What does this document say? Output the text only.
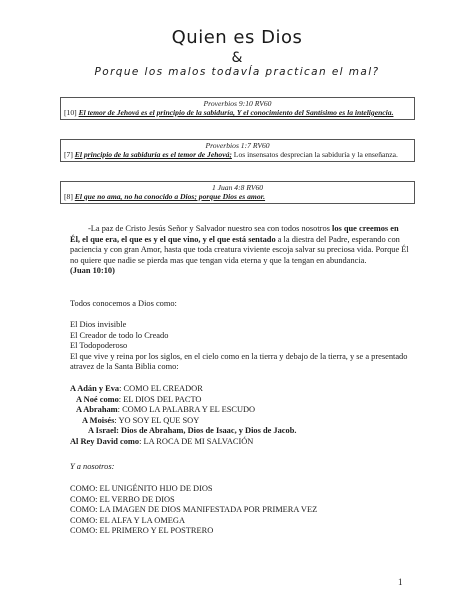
Quien es Dios
&
Porque los malos todavÍa practican el mal?
Proverbios 9:10 RV60
[10] El temor de Jehová es el principio de la sabiduría, Y el conocimiento del Santísimo es la inteligencia.
Proverbios 1:7 RV60
[7] El principio de la sabiduría es el temor de Jehová; Los insensatos desprecian la sabiduría y la enseñanza.
1 Juan 4:8 RV60
[8] El que no ama, no ha conocido a Dios; porque Dios es amor.

-La paz de Cristo Jesús Señor y Salvador nuestro sea con todos nosotros los que creemos en Él, el que era, el que es y el que vino, y el que está sentado a la diestra del Padre, esperando con paciencia y con gran Amor, hasta que toda creatura viviente escoja salvar su preciosa vida. Porque Él no quiere que nadie se pierda mas que tengan vida eterna y que la tengan en abundancia.

(Juan 10:10)

Todos conocemos a Dios como:

El Dios invisible

El Creador de todo lo Creado

El Todopoderoso

El que vive y reina por los siglos, en el cielo como en la tierra y debajo de la tierra, y se a presentado atravez de la Santa Biblia como:

A Adán y Eva: COMO EL CREADOR

A Noé como: EL DIOS DEL PACTO

A Abraham: COMO LA PALABRA Y EL ESCUDO

A Moisés: YO SOY EL QUE SOY

A Israel: Dios de Abraham, Dios de Isaac, y Dios de Jacob.

Al Rey David como: LA ROCA DE MI SALVACIÓN

Y a nosotros:

COMO: EL UNIGÉNITO HIJO DE DIOS

COMO: EL VERBO DE DIOS

COMO: LA IMAGEN DE DIOS MANIFESTADA POR PRIMERA VEZ

COMO: EL ALFA Y LA OMEGA

COMO: EL PRIMERO Y EL POSTRERO

1
